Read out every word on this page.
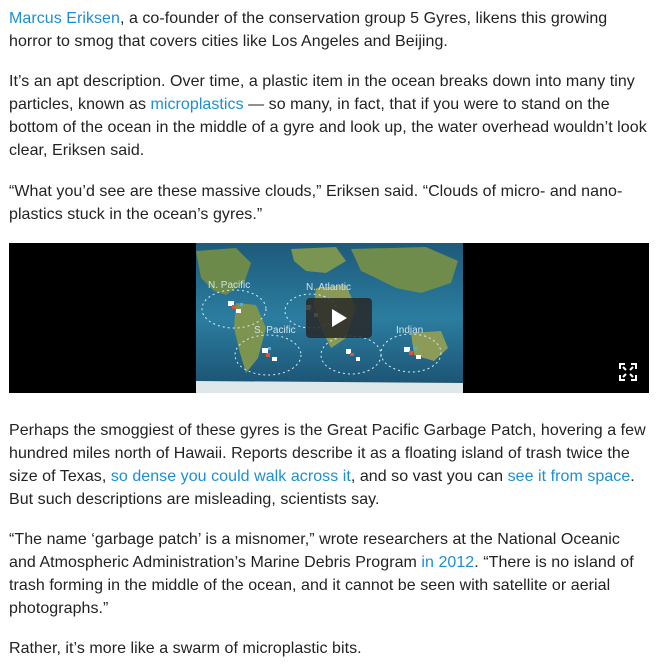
Marcus Eriksen, a co-founder of the conservation group 5 Gyres, likens this growing horror to smog that covers cities like Los Angeles and Beijing.

It’s an apt description. Over time, a plastic item in the ocean breaks down into many tiny particles, known as microplastics — so many, in fact, that if you were to stand on the bottom of the ocean in the middle of a gyre and look up, the water overhead wouldn’t look clear, Eriksen said.

“What you’d see are these massive clouds,” Eriksen said. “Clouds of micro- and nano-plastics stuck in the ocean’s gyres.”

N. Pacific	N. Atlantic
S. Pacific	Indian

Perhaps the smoggiest of these gyres is the Great Pacific Garbage Patch, hovering a few hundred miles north of Hawaii. Reports describe it as a floating island of trash twice the size of Texas, so dense you could walk across it, and so vast you can see it from space. But such descriptions are misleading, scientists say.

“The name ‘garbage patch’ is a misnomer,” wrote researchers at the National Oceanic and Atmospheric Administration’s Marine Debris Program in 2012. “There is no island of trash forming in the middle of the ocean, and it cannot be seen with satellite or aerial photographs.”

Rather, it’s more like a swarm of microplastic bits.
